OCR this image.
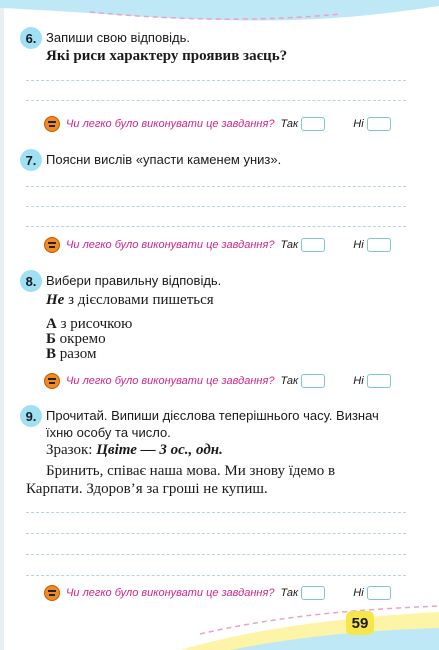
6. Запиши свою відповідь.
Які риси характеру проявив заєць?
Чи легко було виконувати це завдання? Так	Ні
7. Поясни вислів «упасти каменем униз».
Чи легко було виконувати це завдання? Так	Ні
8. Вибери правильну відповідь.
Не з дієсловами пишеться
А з рисочкою
Б окремо
В разом
Чи легко було виконувати це завдання? Так	Ні
9. Прочитай. Випиши дієслова теперішнього часу. Визнач
їхню особу та число.
Зразок: Цвіте — 3 ос., одн.
Бринить, співає наша мова. Ми знову їдемо в
Карпати. Здоров’я за гроші не купиш.
Чи легко було виконувати це завдання? Так	Ні
59
